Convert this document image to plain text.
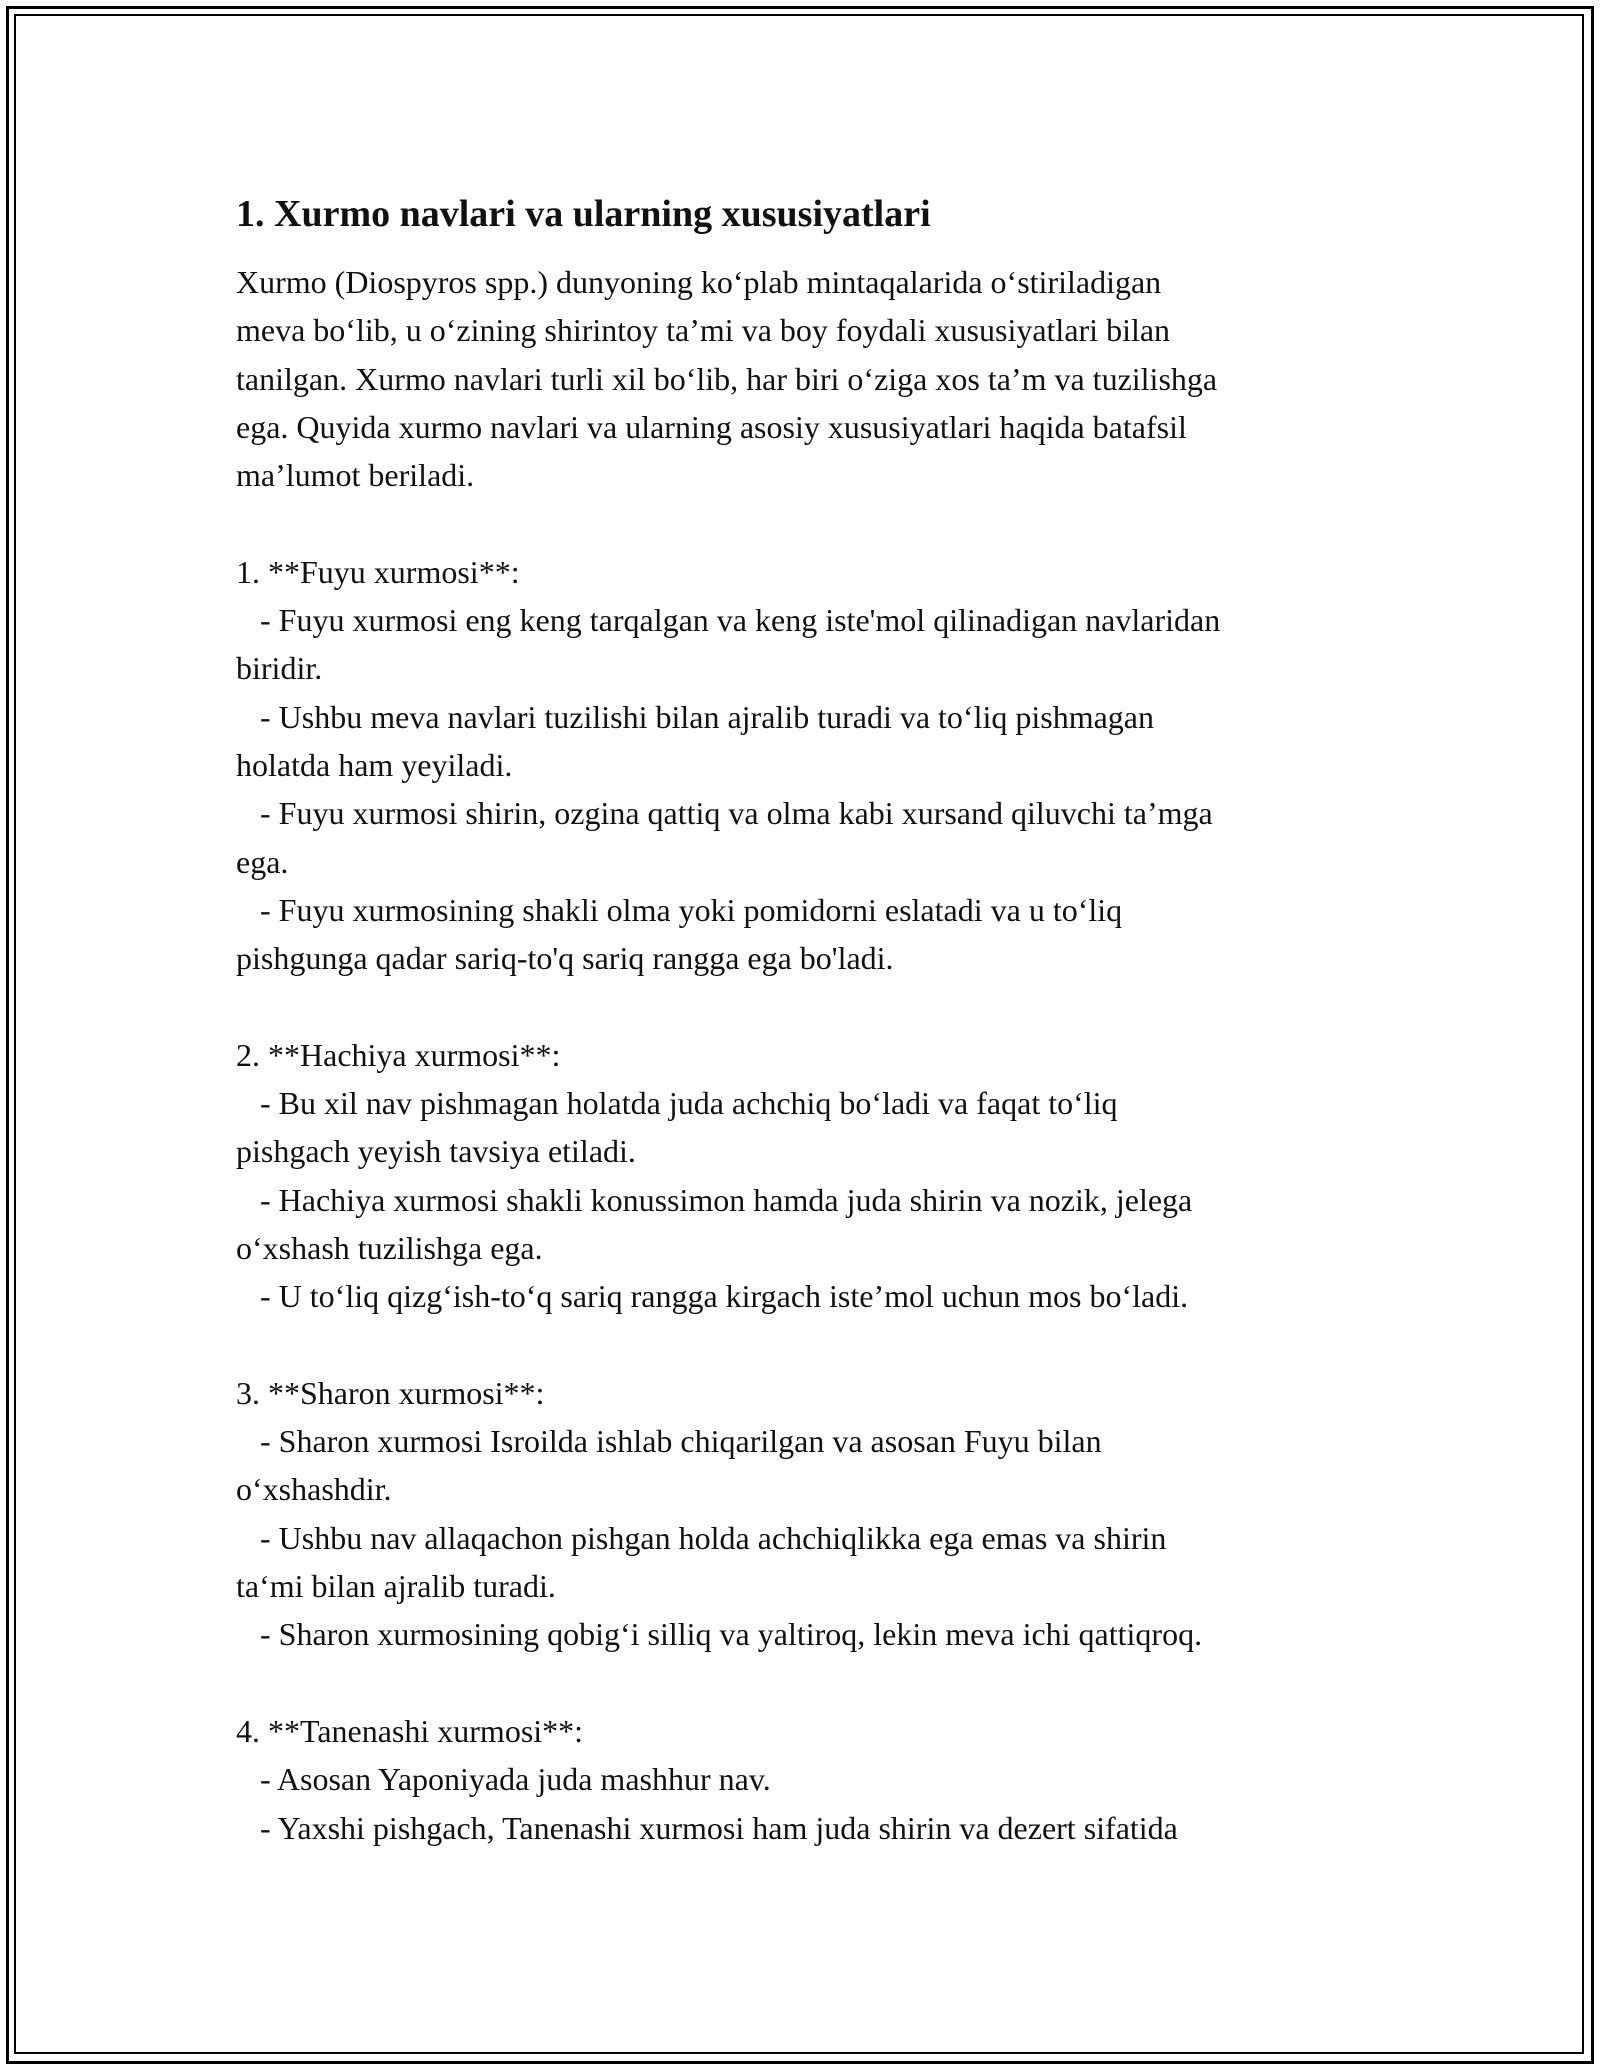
1. Xurmo navlari va ularning xususiyatlari

Xurmo (Diospyros spp.) dunyoning ko‘plab mintaqalarida o‘stiriladigan
meva bo‘lib, u o‘zining shirintoy ta’mi va boy foydali xususiyatlari bilan
tanilgan. Xurmo navlari turli xil bo‘lib, har biri o‘ziga xos ta’m va tuzilishga
ega. Quyida xurmo navlari va ularning asosiy xususiyatlari haqida batafsil
ma’lumot beriladi.
1. **Fuyu xurmosi**:
- Fuyu xurmosi eng keng tarqalgan va keng iste'mol qilinadigan navlaridan
biridir.
- Ushbu meva navlari tuzilishi bilan ajralib turadi va to‘liq pishmagan
holatda ham yeyiladi.
- Fuyu xurmosi shirin, ozgina qattiq va olma kabi xursand qiluvchi ta’mga
ega.
- Fuyu xurmosining shakli olma yoki pomidorni eslatadi va u to‘liq
pishgunga qadar sariq-to'q sariq rangga ega bo'ladi.
2. **Hachiya xurmosi**:
- Bu xil nav pishmagan holatda juda achchiq bo‘ladi va faqat to‘liq
pishgach yeyish tavsiya etiladi.
- Hachiya xurmosi shakli konussimon hamda juda shirin va nozik, jelega
o‘xshash tuzilishga ega.
- U to‘liq qizg‘ish-to‘q sariq rangga kirgach iste’mol uchun mos bo‘ladi.
3. **Sharon xurmosi**:
- Sharon xurmosi Isroilda ishlab chiqarilgan va asosan Fuyu bilan
o‘xshashdir.
- Ushbu nav allaqachon pishgan holda achchiqlikka ega emas va shirin
ta‘mi bilan ajralib turadi.
- Sharon xurmosining qobig‘i silliq va yaltiroq, lekin meva ichi qattiqroq.
4. **Tanenashi xurmosi**:
- Asosan Yaponiyada juda mashhur nav.
- Yaxshi pishgach, Tanenashi xurmosi ham juda shirin va dezert sifatida
